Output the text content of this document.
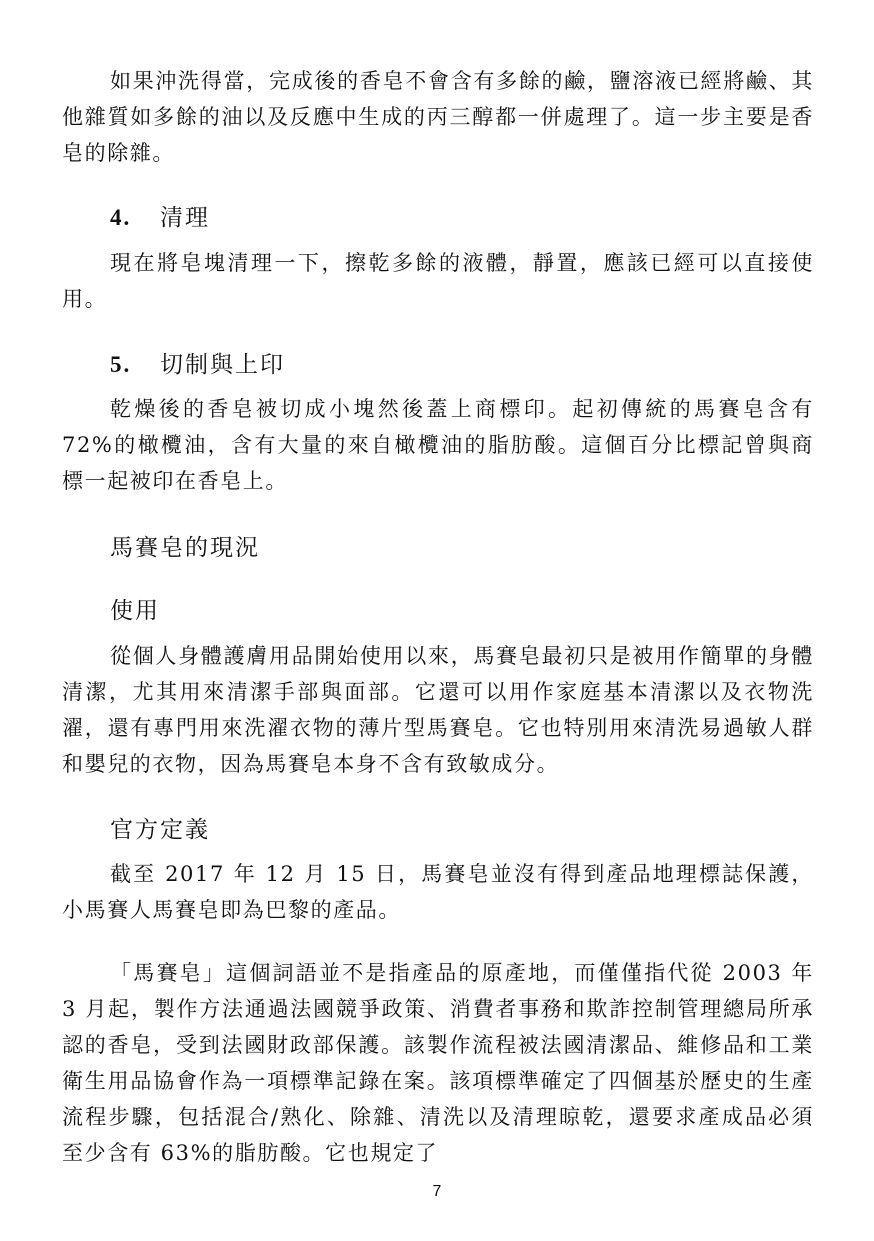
如果沖洗得當，完成後的香皂不會含有多餘的鹼，鹽溶液已經將鹼、其他雜質如多餘的油以及反應中生成的丙三醇都一併處理了。這一步主要是香皂的除雜。

4. 清理

現在將皂塊清理一下，擦乾多餘的液體，靜置，應該已經可以直接使用。

5. 切制與上印

乾燥後的香皂被切成小塊然後蓋上商標印。起初傳統的馬賽皂含有 72%的橄欖油，含有大量的來自橄欖油的脂肪酸。這個百分比標記曾與商標一起被印在香皂上。

馬賽皂的現況
使用

從個人身體護膚用品開始使用以來，馬賽皂最初只是被用作簡單的身體清潔，尤其用來清潔手部與面部。它還可以用作家庭基本清潔以及衣物洗濯，還有專門用來洗濯衣物的薄片型馬賽皂。它也特別用來清洗易過敏人群和嬰兒的衣物，因為馬賽皂本身不含有致敏成分。

官方定義

截至 2017 年 12 月 15 日，馬賽皂並沒有得到產品地理標誌保護，小馬賽人馬賽皂即為巴黎的產品。

「馬賽皂」這個詞語並不是指產品的原產地，而僅僅指代從 2003 年 3 月起，製作方法通過法國競爭政策、消費者事務和欺詐控制管理總局所承認的香皂，受到法國財政部保護。該製作流程被法國清潔品、維修品和工業衛生用品協會作為一項標準記錄在案。該項標準確定了四個基於歷史的生產流程步驟，包括混合/熟化、除雜、清洗以及清理晾乾，還要求產成品必須至少含有 63%的脂肪酸。它也規定了

7
